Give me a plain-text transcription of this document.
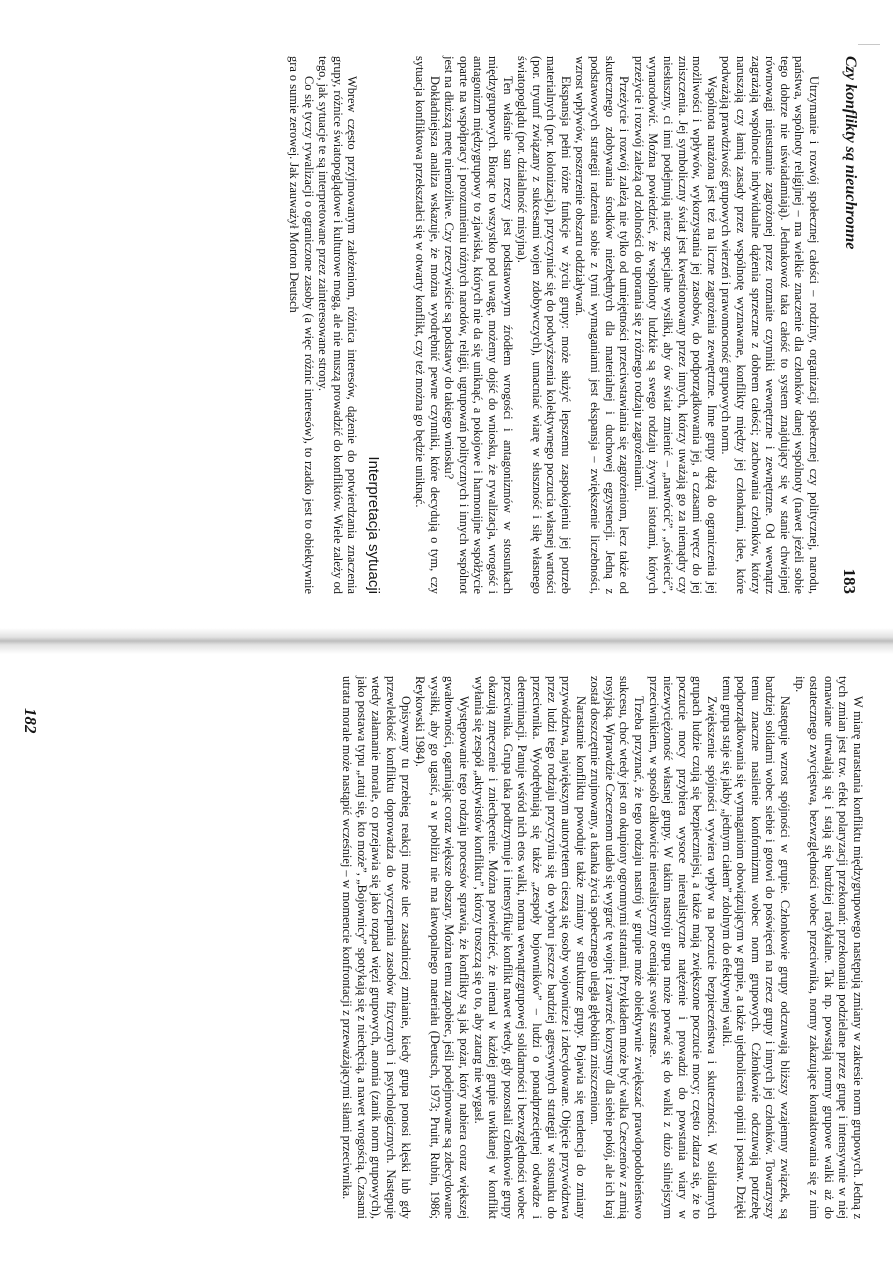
Czy konflikty są nieuchronne
183

Utrzymanie i rozwój społecznej całości – rodziny, organizacji społecznej czy politycznej, narodu, państwa, wspólnoty religijnej – ma wielkie znaczenie dla członków danej wspólnoty (nawet jeżeli sobie tego dobrze nie uświadamiają). Jednakowoż taka całość to system znajdujący się w stanie chwiejnej równowagi nieustannie zagrożonej przez rozmaite czynniki wewnętrzne i zewnętrzne. Od wewnątrz zagrażają wspólnocie indywidualne dążenia sprzeczne z dobrem całości; zachowania członków, którzy naruszają czy łamią zasady przez wspólnotę wyznawane, konflikty między jej członkami, idee, które podważają prawdziwość grupowych wierzeń i prawomocność grupowych norm.

Wspólnota narażona jest też na liczne zagrożenia zewnętrzne. Inne grupy dążą do ograniczenia jej możliwości i wpływów, wykorzystania jej zasobów, do podporządkowania jej, a czasami wręcz do jej zniszczenia. Jej symboliczny świat jest kwestionowany przez innych, którzy uważają go za niemądry czy niesłuszny, ci inni podejmują nieraz specjalne wysiłki, aby ów świat zmienić – „nawrócić”, „oświecić”, wynarodowić. Można powiedzieć, że wspólnoty ludzkie są swego rodzaju żywymi istotami, których przeżycie i rozwój zależą od zdolności do uporania się z różnego rodzaju zagrożeniami.

Przeżycie i rozwój zależą nie tylko od umiejętności przeciwstawiania się zagrożeniom, lecz także od skutecznego zdobywania środków niezbędnych dla materialnej i duchowej egzystencji. Jedną z podstawowych strategii radzenia sobie z tymi wymaganiami jest ekspansja – zwiększenie liczebności, wzrost wpływów, poszerzenie obszaru oddziaływań.

Ekspansja pełni różne funkcje w życiu grupy: może służyć lepszemu zaspokojeniu jej potrzeb materialnych (por. kolonizacja), przyczyniać się do podwyższenia kolektywnego poczucia własnej wartości (por. tryumf związany z sukcesami wojen zdobywczych), umacniać wiarę w słuszność i siłę własnego światopoglądu (por. działalność misyjna).

Ten właśnie stan rzeczy jest podstawowym źródłem wrogości i antagonizmów w stosunkach międzygrupowych. Biorąc to wszystko pod uwagę, możemy dojść do wniosku, że rywalizacja, wrogość i antagonizm międzygrupowy to zjawiska, których nie da się uniknąć, a pokojowe i harmonijne współżycie oparte na współpracy i porozumieniu różnych narodów, religii, ugrupowań politycznych i innych wspólnot jest na dłuższą metę niemożliwe. Czy rzeczywiście są podstawy do takiego wniosku?

Dokładniejsza analiza wskazuje, że można wyodrębnić pewne czynniki, które decydują o tym, czy sytuacja konfliktowa przekształci się w otwarty konflikt, czy też można go będzie uniknąć.

Interpretacja sytuacji

Wbrew często przyjmowanym założeniom, różnica interesów, dążenie do potwierdzania znaczenia grupy, różnice światopoglądowe i kulturowe mogą, ale nie muszą prowadzić do konfliktów. Wiele zależy od tego, jak sytuacje te są interpretowane przez zainteresowane strony.

Co się tyczy rywalizacji o ograniczone zasoby (a więc różnic interesów), to rzadko jest to obiektywnie gra o sumie zerowej. Jak zauważył Morton Deutsch

W miarę narastania konfliktu międzygrupowego następują zmiany w zakresie norm grupowych. Jedną z tych zmian jest tzw. efekt polaryzacji przekonań: przekonania podzielane przez grupę i intensywnie w niej omawiane utrwalają się i stają się bardziej radykalne. Tak np. powstają normy grupowe walki aż do ostatecznego zwycięstwa, bezwzględności wobec przeciwnika, normy zakazujące kontaktowania się z nim itp.

Następuje wzrost spójności w grupie. Członkowie grupy odczuwają bliższy wzajemny związek, są bardziej solidarni wobec siebie i gotowi do poświęceń na rzecz grupy i innych jej członków. Towarzyszy temu znaczne nasilenie konformizmu wobec norm grupowych. Członkowie odczuwają potrzebę podporządkowania się wymaganiom obowiązującym w grupie, a także ujednolicenia opinii i postaw. Dzięki temu grupa staje się jakby „jednym ciałem” zdolnym do efektywnej walki.

Zwiększenie spójności wywiera wpływ na poczucie bezpieczeństwa i skuteczności. W solidarnych grupach ludzie czują się bezpieczniejsi, a także mają zwiększone poczucie mocy; często zdarza się, że to poczucie mocy przybiera wysoce nierealistyczne natężenie i prowadzi do powstania wiary w niezwyciężoność własnej grupy. W takim nastroju grupa może porwać się do walki z dużo silniejszym przeciwnikiem, w sposób całkowicie nierealistyczny oceniając swoje szanse.

Trzeba przyznać, że tego rodzaju nastrój w grupie może obiektywnie zwiększać prawdopodobieństwo sukcesu, choć wtedy jest on okupiony ogromnymi stratami. Przykładem może być walka Czeczenów z armią rosyjską. Wprawdzie Czeczenom udało się wygrać tę wojnę i zawrzeć korzystny dla siebie pokój, ale ich kraj został doszczętnie zrujnowany, a tkanka życia społecznego uległa głębokim zniszczeniom.

Narastanie konfliktu powoduje także zmiany w strukturze grupy. Pojawia się tendencja do zmiany przywództwa, największym autorytetem cieszą się osoby wojownicze i zdecydowane. Objęcie przywództwa przez ludzi tego rodzaju przyczynia się do wyboru jeszcze bardziej agresywnych strategii w stosunku do przeciwnika. Wyodrębniają się także „zespoły bojowników” – ludzi o ponadprzeciętnej odwadze i determinacji. Panuje wśród nich etos walki, norma wewnątrzgrupowej solidarności i bezwzględności wobec przeciwnika. Grupa taka podtrzymuje i intensyfikuje konflikt nawet wtedy, gdy pozostali członkowie grupy okazują zmęczenie i zniechęcenie. Można powiedzieć, że niemal w każdej grupie uwikłanej w konflikt wyłania się zespół „aktywistów konfliktu”, którzy troszczą się o to, aby zatarg nie wygasł.

Występowanie tego rodzaju procesów sprawia, że konflikty są jak pożar, który nabiera coraz większej gwałtowności, ogarniając coraz większe obszary. Można temu zapobiec, jeśli podejmowane są zdecydowane wysiłki, aby go ugasić, a w pobliżu nie ma łatwopalnego materiału (Deutsch, 1973; Pruitt, Rubin, 1986; Reykowski 1984).

Opisywany tu przebieg reakcji może ulec zasadniczej zmianie, kiedy grupa ponosi klęski lub gdy przewlekłość konfliktu doprowadza do wyczerpania zasobów fizycznych i psychologicznych. Następuje wtedy załamanie morale, co przejawia się jako rozpad więzi grupowych, anomia (zanik norm grupowych), jako postawa typu „ratuj się, kto może”, „Bojownicy” spotykają się z niechęcią, a nawet wrogością. Czasami utrata morale może nastąpić wcześniej – w momencie konfrontacji z przeważającymi siłami przeciwnika.

182
